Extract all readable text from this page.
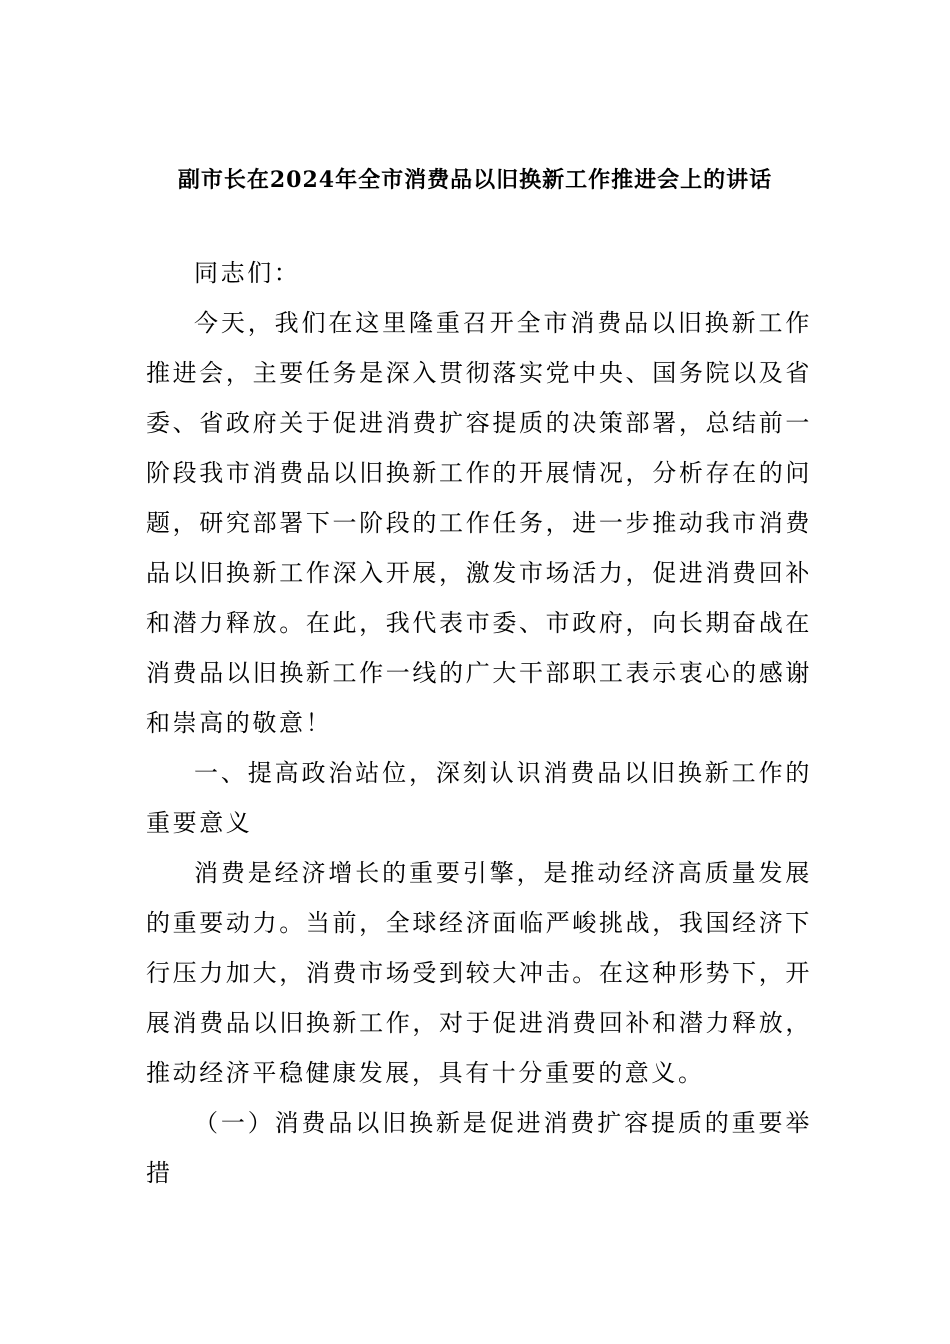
副市长在2024年全市消费品以旧换新工作推进会上的讲话

同志们：

今天，我们在这里隆重召开全市消费品以旧换新工作推进会，主要任务是深入贯彻落实党中央、国务院以及省委、省政府关于促进消费扩容提质的决策部署，总结前一阶段我市消费品以旧换新工作的开展情况，分析存在的问题，研究部署下一阶段的工作任务，进一步推动我市消费品以旧换新工作深入开展，激发市场活力，促进消费回补和潜力释放。在此，我代表市委、市政府，向长期奋战在消费品以旧换新工作一线的广大干部职工表示衷心的感谢和崇高的敬意！

一、提高政治站位，深刻认识消费品以旧换新工作的重要意义

消费是经济增长的重要引擎，是推动经济高质量发展的重要动力。当前，全球经济面临严峻挑战，我国经济下行压力加大，消费市场受到较大冲击。在这种形势下，开展消费品以旧换新工作，对于促进消费回补和潜力释放，推动经济平稳健康发展，具有十分重要的意义。

（一）消费品以旧换新是促进消费扩容提质的重要举措
